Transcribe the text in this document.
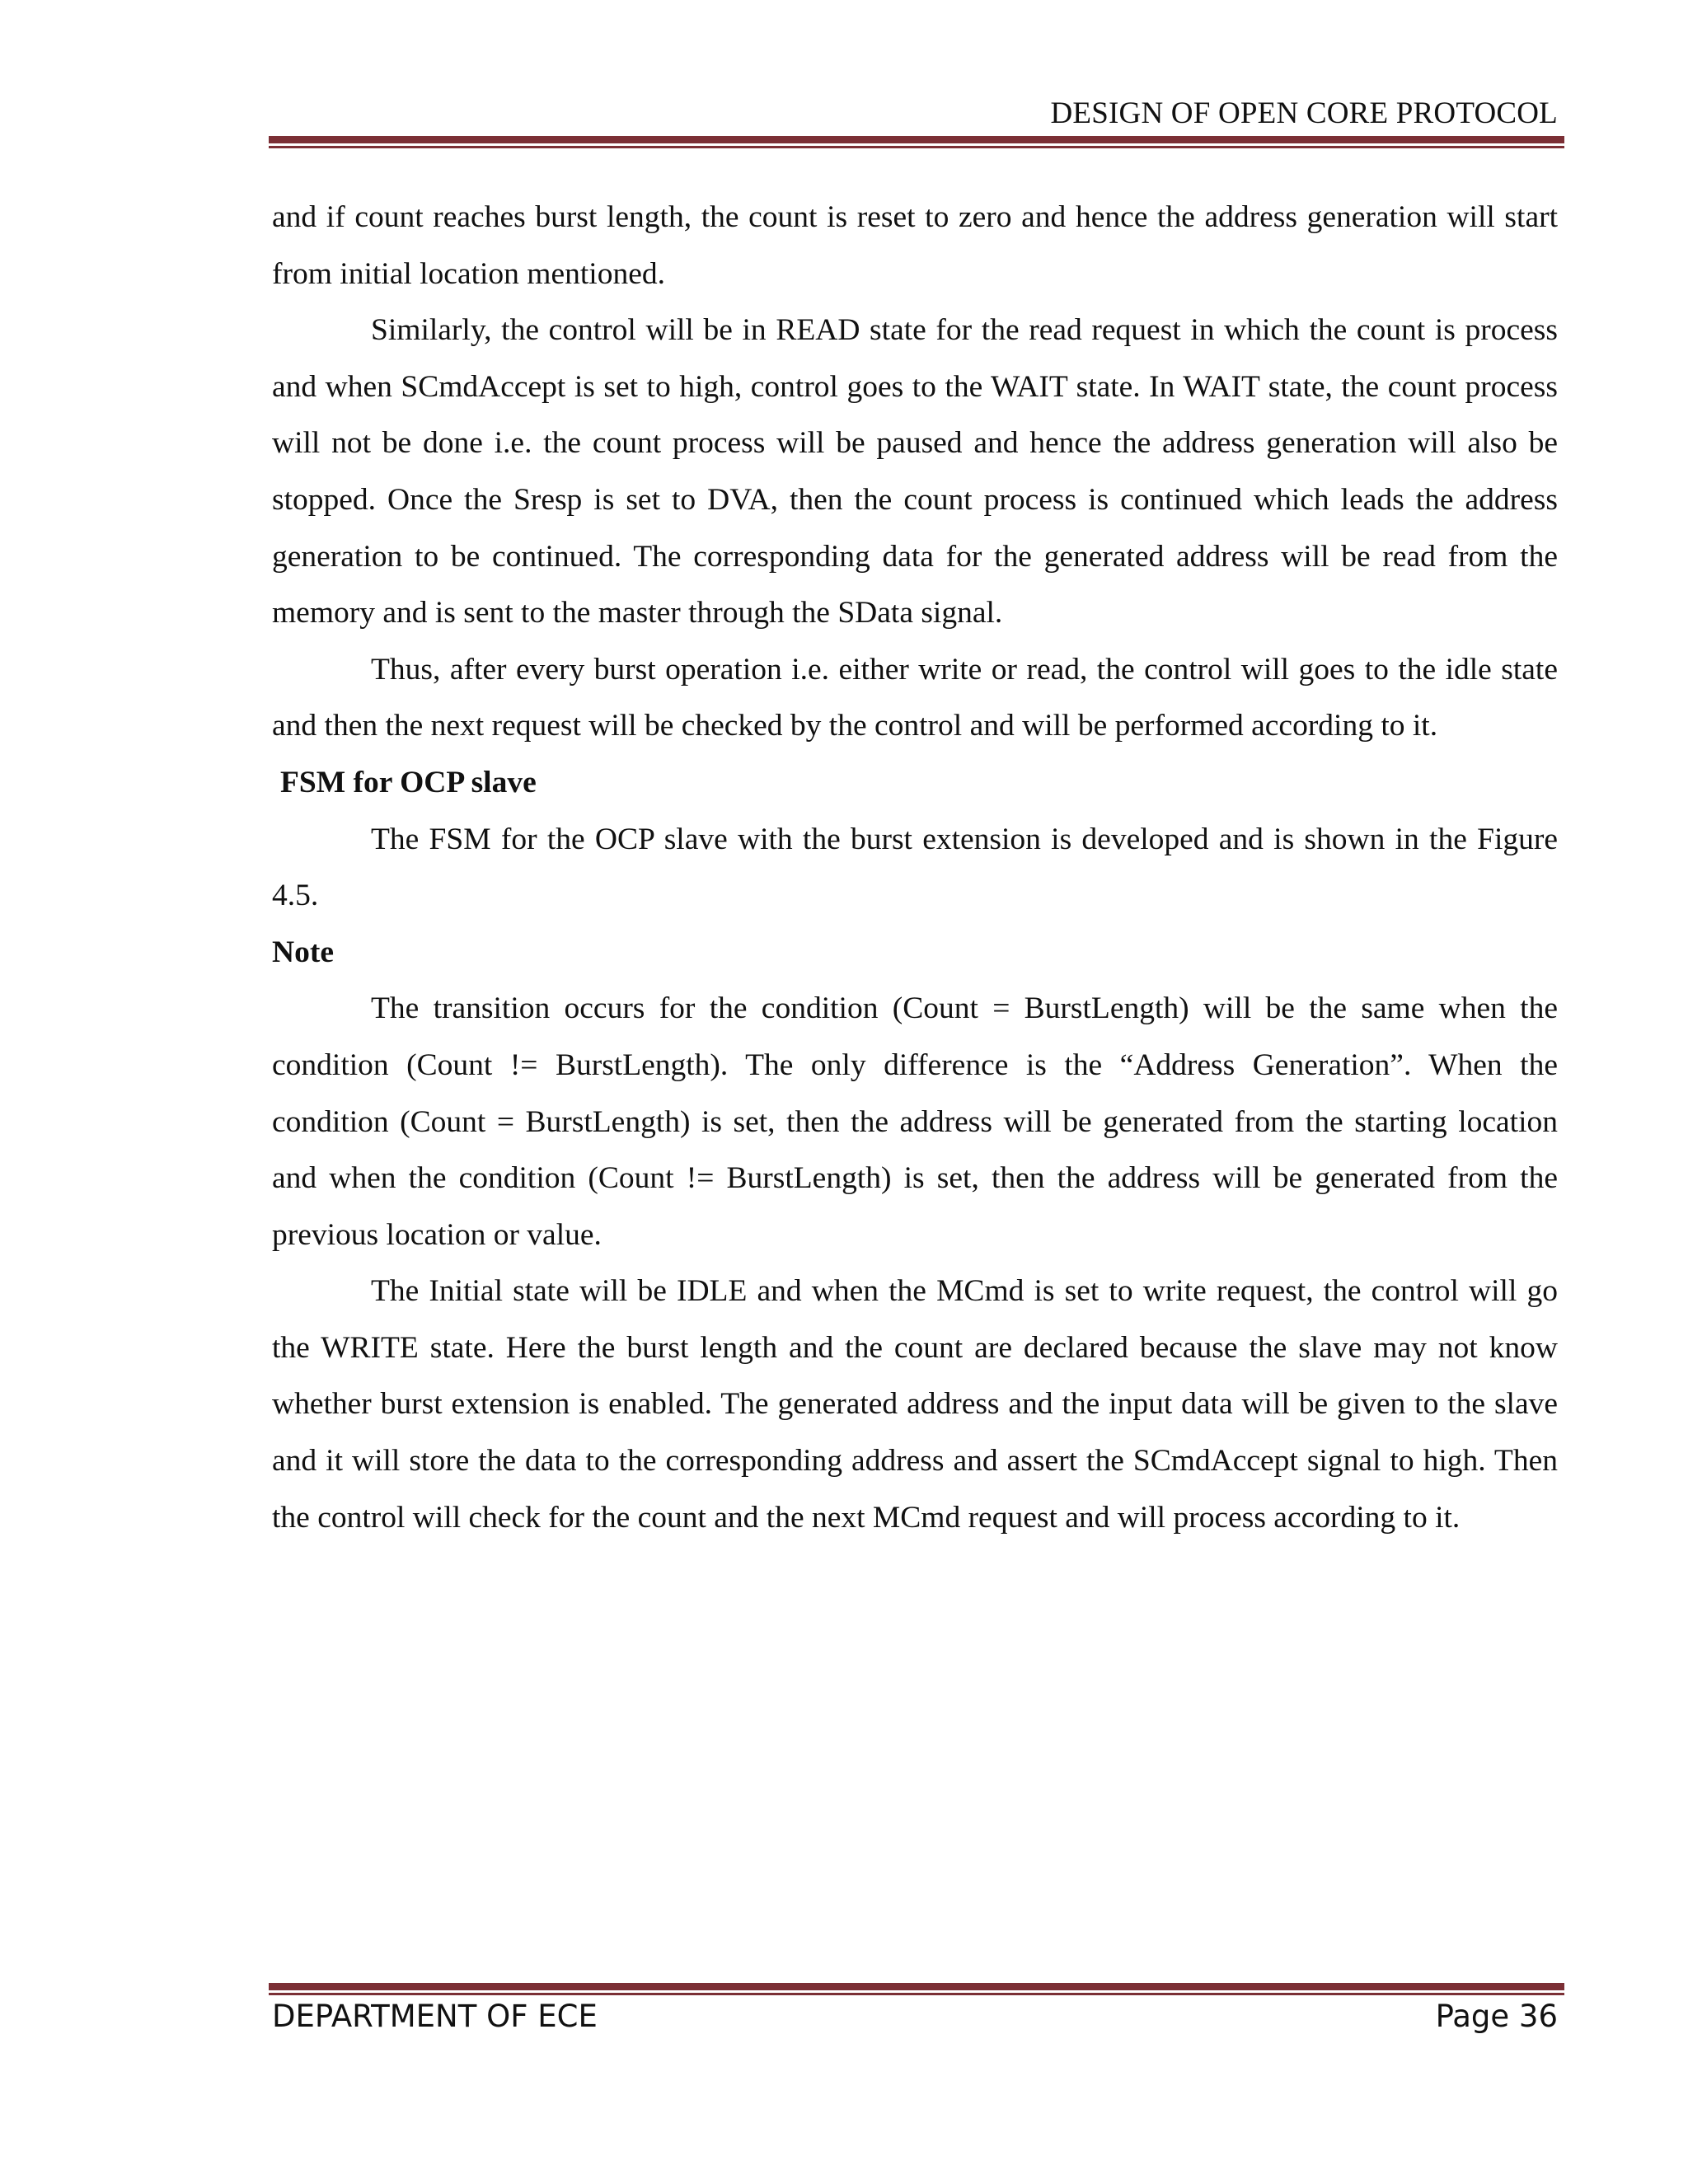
DESIGN OF OPEN CORE PROTOCOL

and if count reaches burst length, the count is reset to zero and hence the address generation will start from initial location mentioned.

Similarly, the control will be in READ state for the read request in which the count is process and when SCmdAccept is set to high, control goes to the WAIT state. In WAIT state, the count process will not be done i.e. the count process will be paused and hence the address generation will also be stopped. Once the Sresp is set to DVA, then the count process is continued which leads the address generation to be continued. The corresponding data for the generated address will be read from the memory and is sent to the master through the SData signal.

Thus, after every burst operation i.e. either write or read, the control will goes to the idle state and then the next request will be checked by the control and will be performed according to it.

FSM for OCP slave

The FSM for the OCP slave with the burst extension is developed and is shown in the Figure 4.5.

Note

The transition occurs for the condition (Count = BurstLength) will be the same when the condition (Count != BurstLength). The only difference is the “Address Generation”. When the condition (Count = BurstLength) is set, then the address will be generated from the starting location and when the condition (Count != BurstLength) is set, then the address will be generated from the previous location or value.

The Initial state will be IDLE and when the MCmd is set to write request, the control will go the WRITE state. Here the burst length and the count are declared because the slave may not know whether burst extension is enabled. The generated address and the input data will be given to the slave and it will store the data to the corresponding address and assert the SCmdAccept signal to high. Then the control will check for the count and the next MCmd request and will process according to it.

DEPARTMENT OF ECE	Page 36
